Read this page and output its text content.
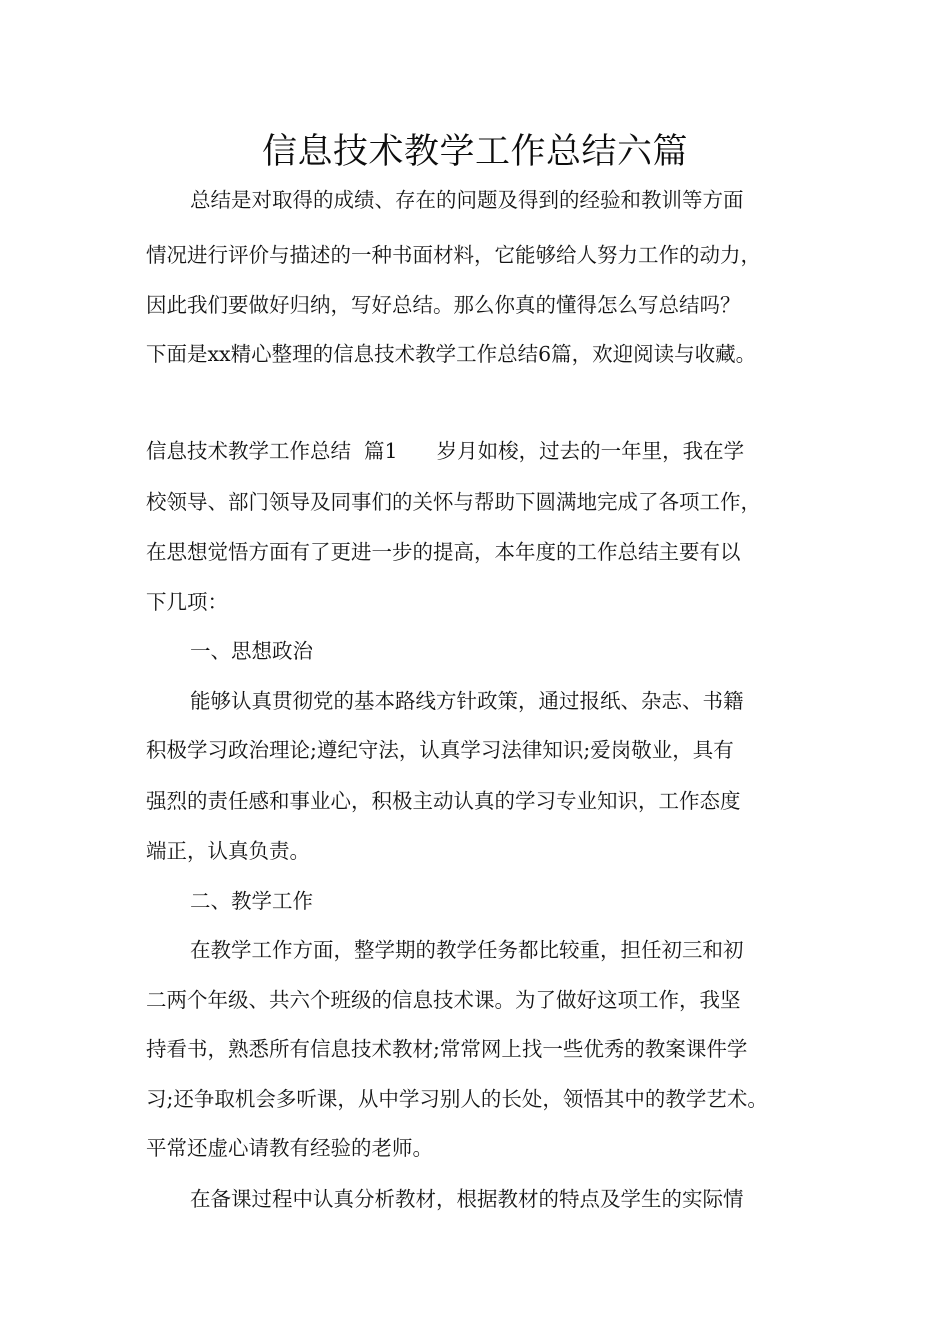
信息技术教学工作总结六篇
总结是对取得的成绩、存在的问题及得到的经验和教训等方面
情况进行评价与描述的一种书面材料，它能够给人努力工作的动力，
因此我们要做好归纳，写好总结。那么你真的懂得怎么写总结吗？
下面是xx精心整理的信息技术教学工作总结6篇，欢迎阅读与收藏。
信息技术教学工作总结  篇1      岁月如梭，过去的一年里，我在学
校领导、部门领导及同事们的关怀与帮助下圆满地完成了各项工作，
在思想觉悟方面有了更进一步的提高，本年度的工作总结主要有以
下几项：
一、思想政治
能够认真贯彻党的基本路线方针政策，通过报纸、杂志、书籍
积极学习政治理论;遵纪守法，认真学习法律知识;爱岗敬业，具有
强烈的责任感和事业心，积极主动认真的学习专业知识，工作态度
端正，认真负责。
二、教学工作
在教学工作方面，整学期的教学任务都比较重，担任初三和初
二两个年级、共六个班级的信息技术课。为了做好这项工作，我坚
持看书，熟悉所有信息技术教材;常常网上找一些优秀的教案课件学
习;还争取机会多听课，从中学习别人的长处，领悟其中的教学艺术。
平常还虚心请教有经验的老师。
在备课过程中认真分析教材，根据教材的特点及学生的实际情
